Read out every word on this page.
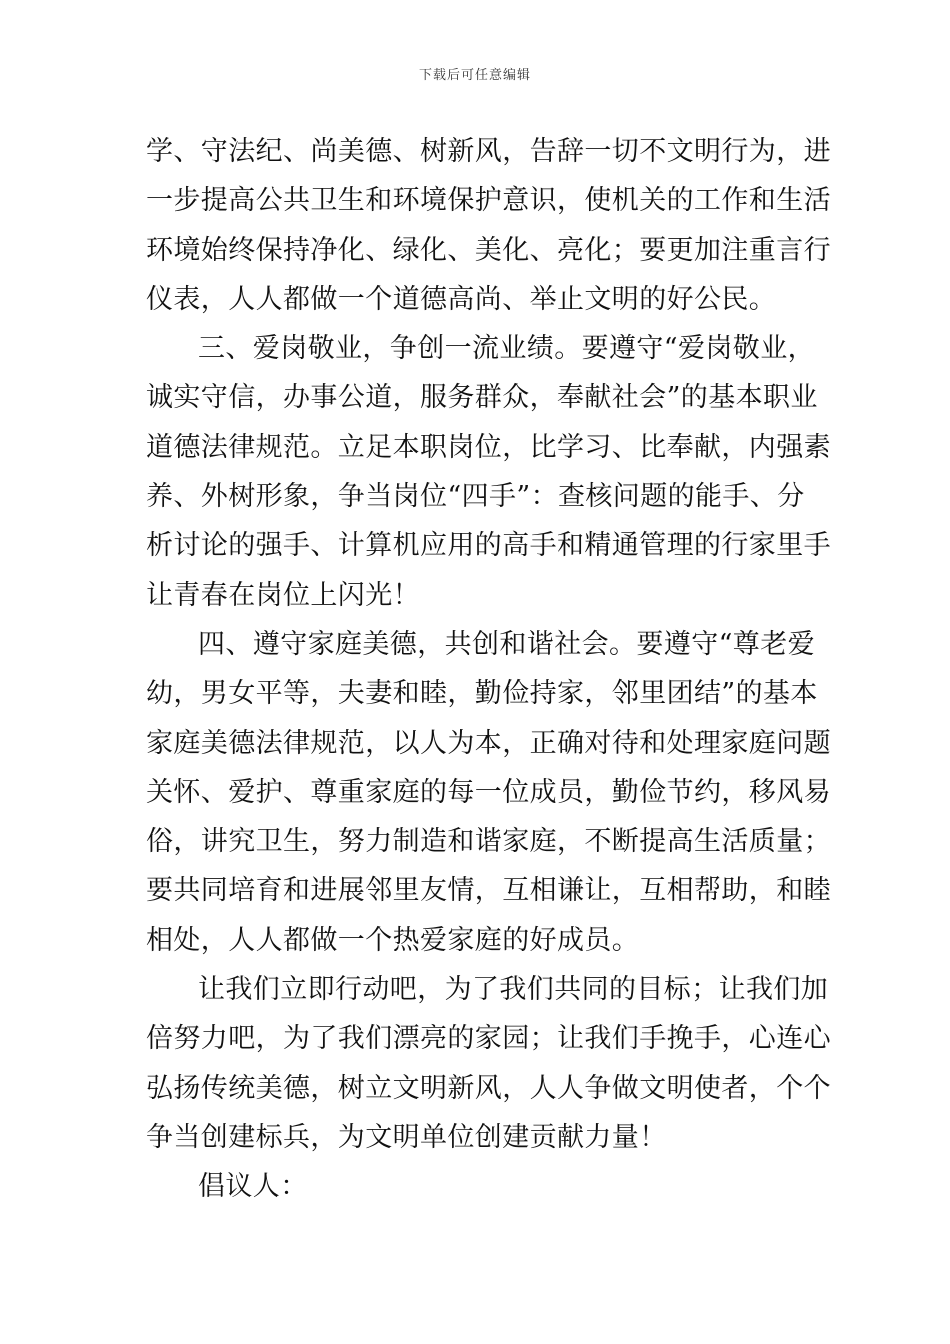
下载后可任意编辑
学、守法纪、尚美德、树新风，告辞一切不文明行为，进
一步提高公共卫生和环境保护意识，使机关的工作和生活
环境始终保持净化、绿化、美化、亮化；要更加注重言行
仪表，人人都做一个道德高尚、举止文明的好公民。
三、爱岗敬业，争创一流业绩。要遵守“爱岗敬业，
诚实守信，办事公道，服务群众，奉献社会”的基本职业
道德法律规范。立足本职岗位，比学习、比奉献，内强素
养、外树形象，争当岗位“四手”：查核问题的能手、分
析讨论的强手、计算机应用的高手和精通管理的行家里手
让青春在岗位上闪光！
四、遵守家庭美德，共创和谐社会。要遵守“尊老爱
幼，男女平等，夫妻和睦，勤俭持家，邻里团结”的基本
家庭美德法律规范，以人为本，正确对待和处理家庭问题
关怀、爱护、尊重家庭的每一位成员，勤俭节约，移风易
俗，讲究卫生，努力制造和谐家庭，不断提高生活质量；
要共同培育和进展邻里友情，互相谦让，互相帮助，和睦
相处，人人都做一个热爱家庭的好成员。
让我们立即行动吧，为了我们共同的目标；让我们加
倍努力吧，为了我们漂亮的家园；让我们手挽手，心连心
弘扬传统美德，树立文明新风，人人争做文明使者，个个
争当创建标兵，为文明单位创建贡献力量！
倡议人：
